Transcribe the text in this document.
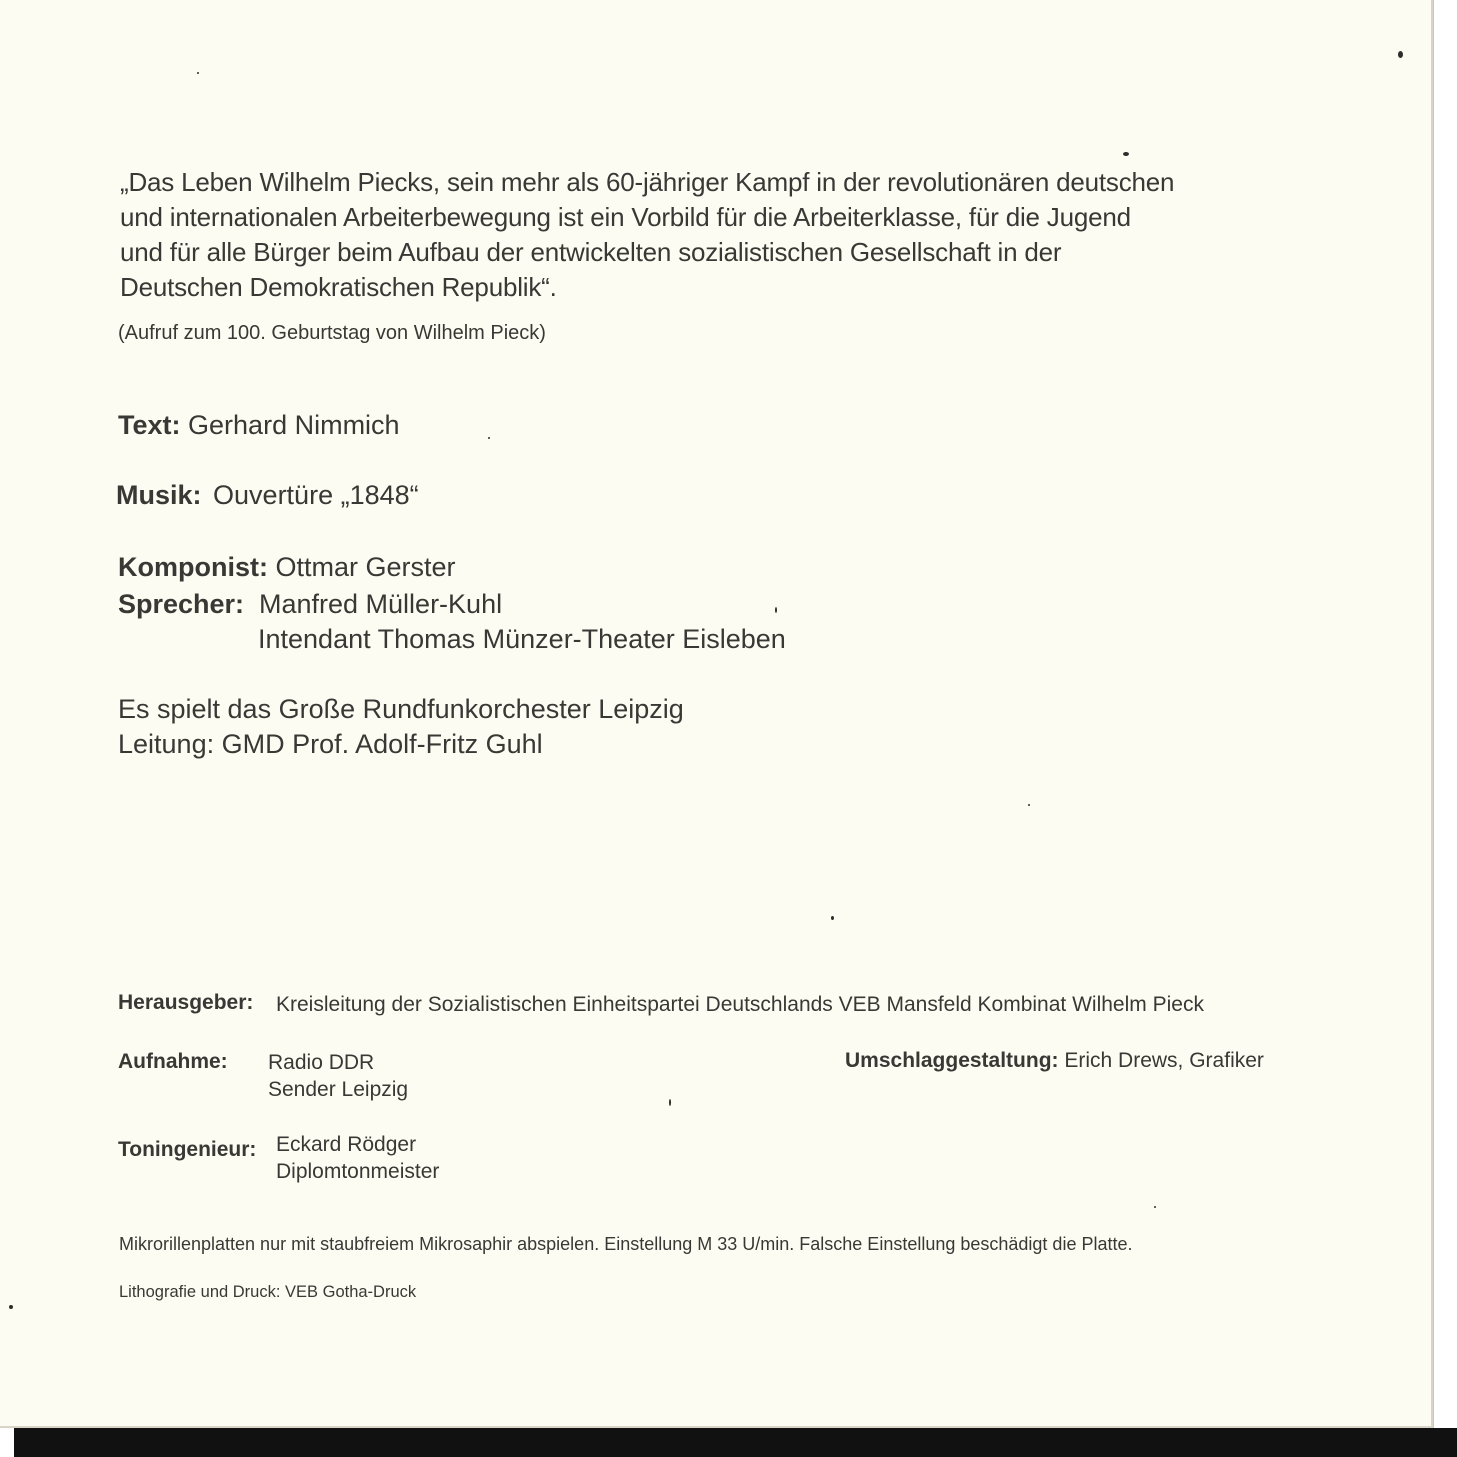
„Das Leben Wilhelm Piecks, sein mehr als 60-jähriger Kampf in der revolutionären deutschen
und internationalen Arbeiterbewegung ist ein Vorbild für die Arbeiterklasse, für die Jugend
und für alle Bürger beim Aufbau der entwickelten sozialistischen Gesellschaft in der
Deutschen Demokratischen Republik“.
(Aufruf zum 100. Geburtstag von Wilhelm Pieck)
Text: Gerhard Nimmich
Musik: Ouvertüre „1848“
Komponist: Ottmar Gerster
Sprecher: Manfred Müller-Kuhl
Intendant Thomas Münzer-Theater Eisleben
Es spielt das Große Rundfunkorchester Leipzig
Leitung: GMD Prof. Adolf-Fritz Guhl
Herausgeber: Kreisleitung der Sozialistischen Einheitspartei Deutschlands VEB Mansfeld Kombinat Wilhelm Pieck
Aufnahme: Radio DDR
Sender Leipzig
Umschlaggestaltung: Erich Drews, Grafiker
Toningenieur: Eckard Rödger
Diplomtonmeister
Mikrorillenplatten nur mit staubfreiem Mikrosaphir abspielen. Einstellung M 33 U/min. Falsche Einstellung beschädigt die Platte.
Lithografie und Druck: VEB Gotha-Druck
